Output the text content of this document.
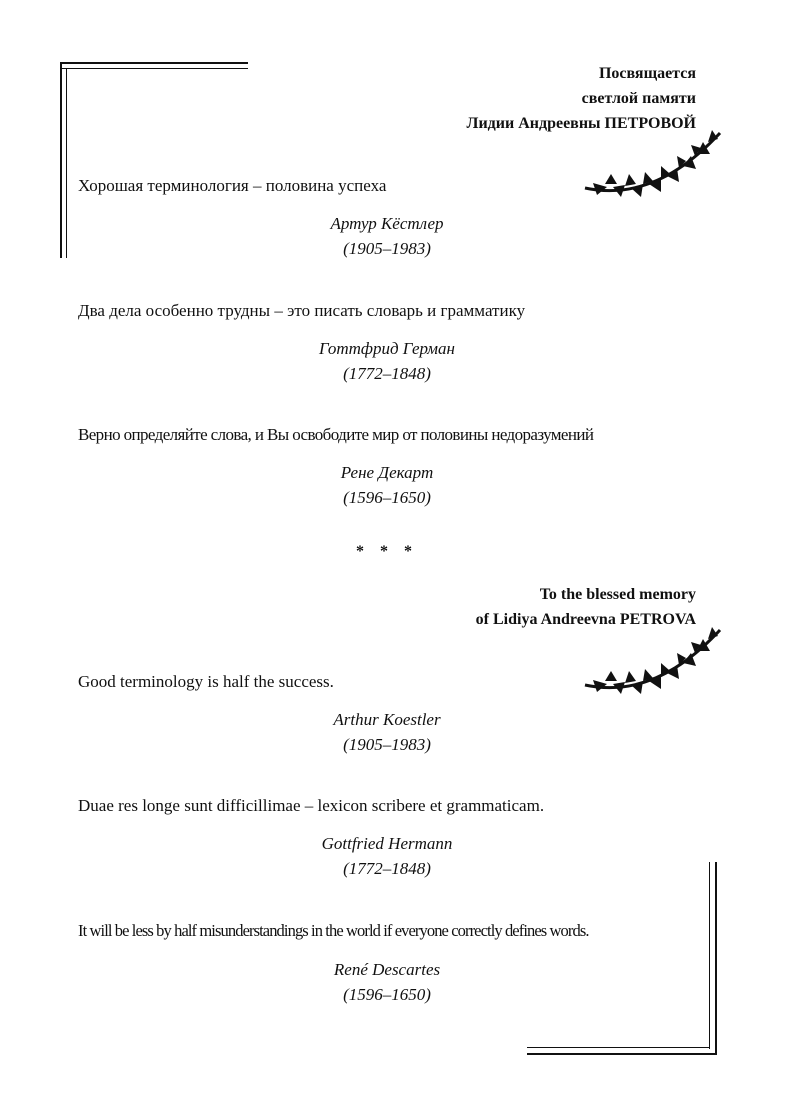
Посвящается
светлой памяти
Лидии Андреевны ПЕТРОВОЙ
Хорошая терминология – половина успеха
Артур Кёстлер
(1905–1983)
Два дела особенно трудны – это писать словарь и грамматику
Готтфрид Герман
(1772–1848)
Верно определяйте слова, и Вы освободите мир от половины недоразумений
Рене Декарт
(1596–1650)
* * *
To the blessed memory
of Lidiya Andreevna PETROVA
Good terminology is half the success.
Arthur Koestler
(1905–1983)
Duae res longe sunt difficillimae – lexicon scribere et grammaticam.
Gottfried Hermann
(1772–1848)
It will be less by half misunderstandings in the world if everyone correctly defines words.
René Descartes
(1596–1650)
